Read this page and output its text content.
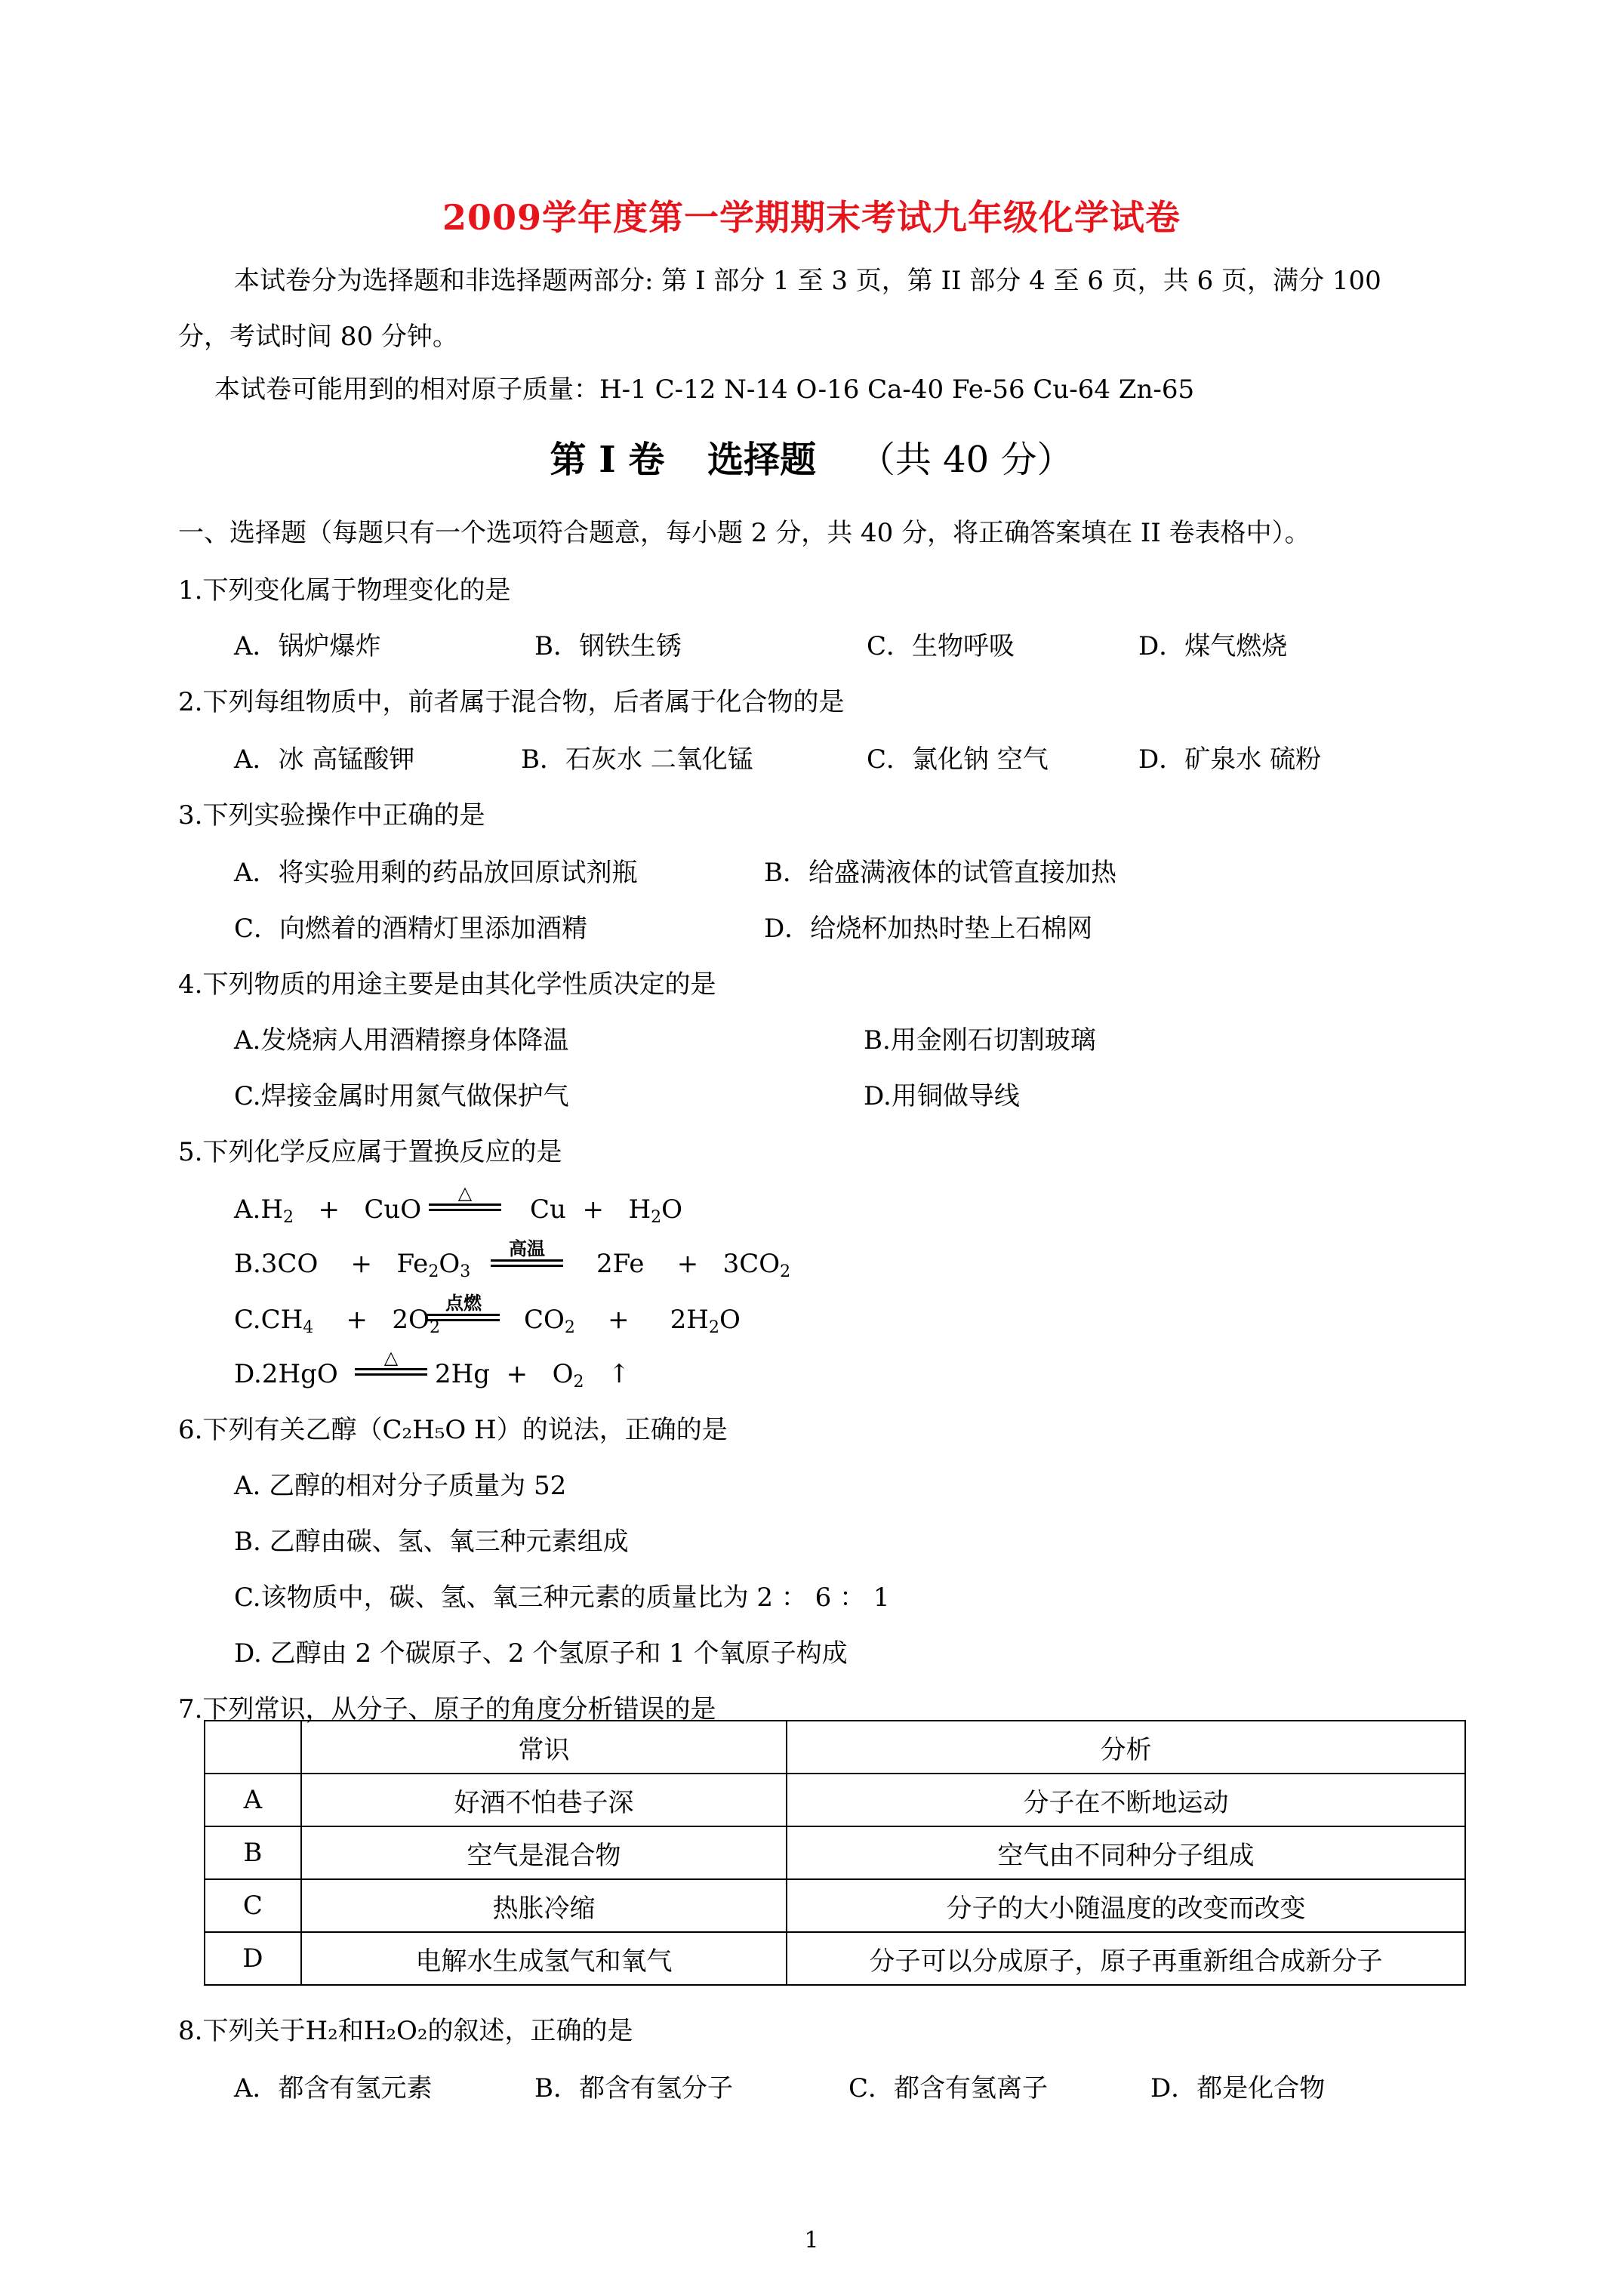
2009学年度第一学期期末考试九年级化学试卷
本试卷分为选择题和非选择题两部分: 第 I 部分 1 至 3 页，第 II 部分 4 至 6 页，共 6 页，满分 100
分，考试时间 80 分钟。
本试卷可能用到的相对原子质量：H-1 C-12 N-14 O-16 Ca-40 Fe-56 Cu-64 Zn-65
第 I 卷 选择题 （共 40 分）
一、选择题（每题只有一个选项符合题意，每小题 2 分，共 40 分，将正确答案填在 II 卷表格中）。
1.下列变化属于物理变化的是
A．锅炉爆炸	B．钢铁生锈	C．生物呼吸	D．煤气燃烧
2.下列每组物质中，前者属于混合物，后者属于化合物的是
A．冰 高锰酸钾	B．石灰水 二氧化锰	C．氯化钠 空气	D．矿泉水 硫粉
3.下列实验操作中正确的是
A．将实验用剩的药品放回原试剂瓶	B．给盛满液体的试管直接加热
C．向燃着的酒精灯里添加酒精	D．给烧杯加热时垫上石棉网
4.下列物质的用途主要是由其化学性质决定的是
A.发烧病人用酒精擦身体降温	B.用金刚石切割玻璃
C.焊接金属时用氮气做保护气	D.用铜做导线
5.下列化学反应属于置换反应的是
$A.H_2$   +   CuO
△
$Cu + H_2O$
B.3CO    +   $Fe_2O_3$
高温
2Fe    +   $3CO_2$
$C.CH_4$    +   $2O_2$
点燃
$CO_2$    +     $2H_2O$
D.2HgO
△
$2Hg + O_2$ ↑
6.下列有关乙醇（C₂H₅O H）的说法，正确的是
A. 乙醇的相对分子质量为 52
B. 乙醇由碳、氢、氧三种元素组成
C.该物质中，碳、氢、氧三种元素的质量比为 2 ： 6 ： 1
D. 乙醇由 2 个碳原子、2 个氢原子和 1 个氧原子构成
7.下列常识，从分子、原子的角度分析错误的是
	常识	分析
A	好酒不怕巷子深	分子在不断地运动
B	空气是混合物	空气由不同种分子组成
C	热胀冷缩	分子的大小随温度的改变而改变
D	电解水生成氢气和氧气	分子可以分成原子，原子再重新组合成新分子
8.下列关于H₂和H₂O₂的叙述，正确的是
A．都含有氢元素	B．都含有氢分子	C．都含有氢离子	D．都是化合物
1
